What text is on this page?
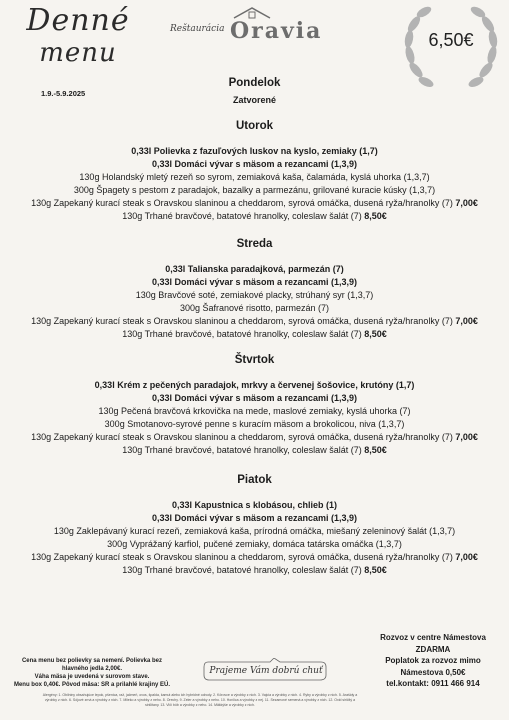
Denné
menu
1.9.-5.9.2025
Reštaurácia Oravia	6,50€
Pondelok
Zatvorené
Utorok
0,33l Polievka z fazuľových luskov na kyslo, zemiaky (1,7)
0,33l Domáci vývar s mäsom a rezancami (1,3,9)
130g Holandský mletý rezeň so syrom, zemiaková kaša, čalamáda, kyslá uhorka (1,3,7)
300g Špagety s pestom z paradajok, bazalky a parmezánu, grilované kuracie kúsky (1,3,7)
130g Zapekaný kurací steak s Oravskou slaninou a cheddarom, syrová omáčka, dusená ryža/hranolky (7) 7,00€
130g Trhané bravčové, batatové hranolky, coleslaw šalát (7) 8,50€
Streda
0,33l Talianska paradajková, parmezán (7)
0,33l Domáci vývar s mäsom a rezancami (1,3,9)
130g Bravčové soté, zemiakové placky, strúhaný syr (1,3,7)
300g Šafranové risotto, parmezán (7)
130g Zapekaný kurací steak s Oravskou slaninou a cheddarom, syrová omáčka, dusená ryža/hranolky (7) 7,00€
130g Trhané bravčové, batatové hranolky, coleslaw šalát (7) 8,50€
Štvrtok
0,33l Krém z pečených paradajok, mrkvy a červenej šošovice, krutóny (1,7)
0,33l Domáci vývar s mäsom a rezancami (1,3,9)
130g Pečená bravčová krkovička na mede, maslové zemiaky, kyslá uhorka (7)
300g Smotanovo-syrové penne s kuracím mäsom a brokolicou, niva (1,3,7)
130g Zapekaný kurací steak s Oravskou slaninou a cheddarom, syrová omáčka, dusená ryža/hranolky (7) 7,00€
130g Trhané bravčové, batatové hranolky, coleslaw šalát (7) 8,50€
Piatok
0,33l Kapustnica s klobásou, chlieb (1)
0,33l Domáci vývar s mäsom a rezancami (1,3,9)
130g Zaklepávaný kurací rezeň, zemiaková kaša, prírodná omáčka, miešaný zeleninový šalát (1,3,7)
300g Vyprážaný karfiol, pučené zemiaky, domáca tatárska omáčka (1,3,7)
130g Zapekaný kurací steak s Oravskou slaninou a cheddarom, syrová omáčka, dusená ryža/hranolky (7) 7,00€
130g Trhané bravčové, batatové hranolky, coleslaw šalát (7) 8,50€
Cena menu bez polievky sa nemení. Polievka bez
hlavného jedla 2,00€.
Váha mäsa je uvedená v surovom stave.
Menu box 0,40€. Pôvod mäsa: SR a prilahlé krajiny EÚ.
Prajeme Vám dobrú chuť
Rozvoz v centre Námestova
ZDARMA
Poplatok za rozvoz mimo
Námestova 0,50€
tel.kontakt: 0911 466 914
Alergény: 1. Obilniny obsahujúce lepok, pšenica, raž, jačmeň, ovos, špalda, kamut alebo ich hybridné odrody. 2. Kôrovce a výrobky z nich. 3. Vajcia a výrobky z nich. 4. Ryby a výrobky z nich. 5. Arašidy a výrobky z nich. 6. Sójové zrná a výrobky z nich. 7. Mlieko a výrobky z neho. 8. Orechy. 9. Zeler a výrobky z neho. 10. Horčica a výrobky z nej. 11. Sezamové semená a výrobky z nich. 12. Oxid siričitý a siričitany. 13. Vlčí bôb a výrobky z neho. 14. Mäkkýše a výrobky z nich.
